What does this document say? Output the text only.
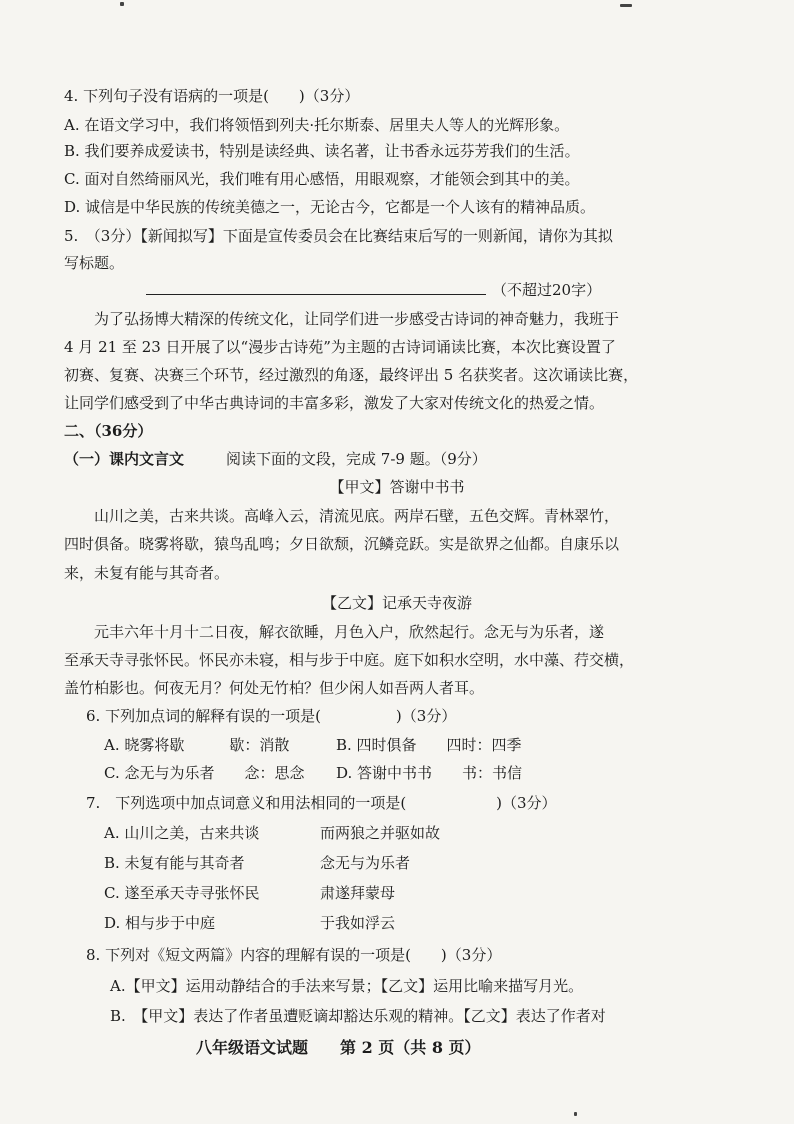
4. 下列句子没有语病的一项是(　　)（3分）
A. 在语文学习中，我们将领悟到列夫·托尔斯泰、居里夫人等人的光辉形象。
B. 我们要养成爱读书，特别是读经典、读名著，让书香永远芬芳我们的生活。
C. 面对自然绮丽风光，我们唯有用心感悟，用眼观察，才能领会到其中的美。
D. 诚信是中华民族的传统美德之一，无论古今，它都是一个人该有的精神品质。
5.　（3分）【新闻拟写】下面是宣传委员会在比赛结束后写的一则新闻，请你为其拟
写标题。
（不超过20字）
　　为了弘扬博大精深的传统文化，让同学们进一步感受古诗词的神奇魅力，我班于
4 月 21 至 23 日开展了以“漫步古诗苑”为主题的古诗词诵读比赛，本次比赛设置了
初赛、复赛、决赛三个环节，经过激烈的角逐，最终评出 5 名获奖者。这次诵读比赛，
让同学们感受到了中华古典诗词的丰富多彩，激发了大家对传统文化的热爱之情。
二、（36分）
（一）课内文言文	阅读下面的文段，完成 7-9 题。（9分）
【甲文】答谢中书书
　　山川之美，古来共谈。高峰入云，清流见底。两岸石壁，五色交辉。青林翠竹，
四时俱备。晓雾将歇，猿鸟乱鸣；夕日欲颓，沉鳞竞跃。实是欲界之仙都。自康乐以
来，未复有能与其奇者。
【乙文】记承天寺夜游
　　元丰六年十月十二日夜，解衣欲睡，月色入户，欣然起行。念无与为乐者，遂
至承天寺寻张怀民。怀民亦未寝，相与步于中庭。庭下如积水空明，水中藻、荇交横，
盖竹柏影也。何夜无月？何处无竹柏？但少闲人如吾两人者耳。
6. 下列加点词的解释有误的一项是(　　　　　)（3分）
A. 晓雾将歇　　　歇：消散	B. 四时俱备　　四时：四季
C. 念无与为乐者　　念：思念 D. 答谢中书书　　书：书信
7.　下列选项中加点词意义和用法相同的一项是(　　　　　　)（3分）
A. 山川之美，古来共谈	而两狼之并驱如故
B. 未复有能与其奇者	念无与为乐者
C. 遂至承天寺寻张怀民	肃遂拜蒙母
D. 相与步于中庭	于我如浮云
8. 下列对《短文两篇》内容的理解有误的一项是(　　)（3分）
A.【甲文】运用动静结合的手法来写景；【乙文】运用比喻来描写月光。
B.　【甲文】表达了作者虽遭贬谪却豁达乐观的精神。【乙文】表达了作者对
八年级语文试题　　第 2 页（共 8 页）
